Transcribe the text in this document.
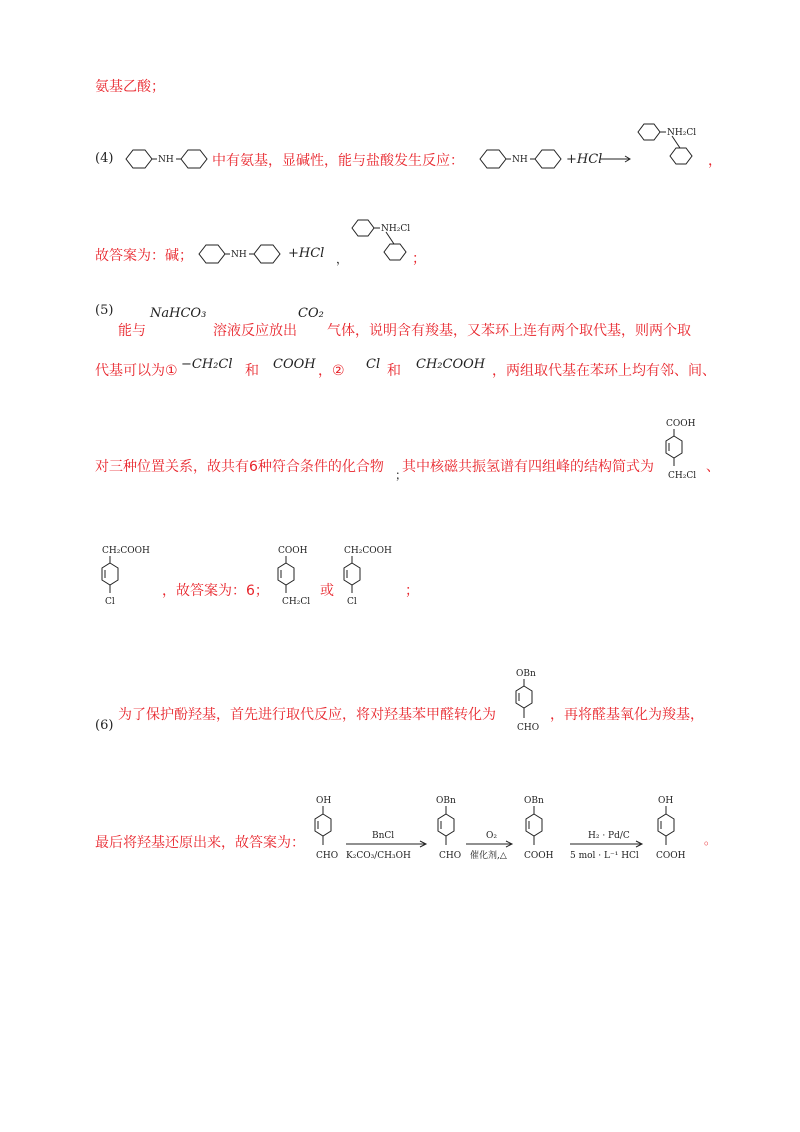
氨基乙酸；
(4)	NH	中有氨基，显碱性，能与盐酸发生反应：	NH	+HCl
NH₂Cl
，
故答案为：碱；	NH	+HCl ，
NH₂Cl
；
(5)
能与
NaHCO₃
溶液反应放出
CO₂
气体，说明含有羧基，又苯环上连有两个取代基，则两个取
代基可以为① −CH₂Cl 和 COOH ，② Cl 和 CH₂COOH ，两组取代基在苯环上均有邻、间、
对三种位置关系，故共有6种符合条件的化合物 ；
其中核磁共振氢谱有四组峰的结构简式为
COOH
CH₂Cl
、
CH₂COOH
Cl
，故答案为：6；
COOH
CH₂Cl
或
CH₂COOH
Cl
；
(6)
为了保护酚羟基，首先进行取代反应，将对羟基苯甲醛转化为
OBn
CHO
，再将醛基氧化为羧基，
最后将羟基还原出来，故答案为：
OH
CHO
BnCl
K₂CO₃/CH₃OH
OBn
CHO
O₂
催化剂,△
OBn
COOH
H₂ · Pd/C
5 mol · L⁻¹ HCl
OH
COOH
。
